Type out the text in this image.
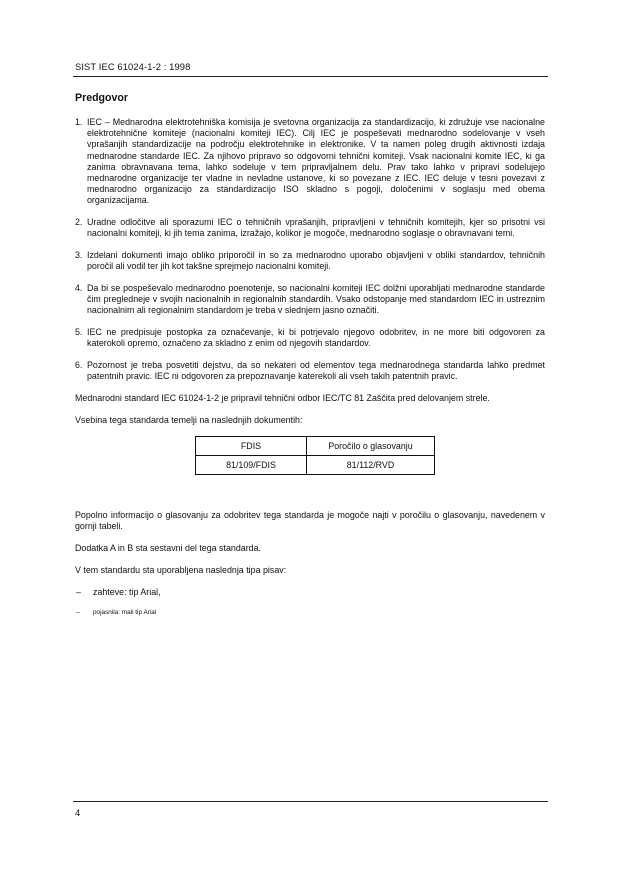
SIST IEC 61024-1-2 : 1998
Predgovor
1. IEC – Mednarodna elektrotehniška komisija je svetovna organizacija za standardizacijo, ki združuje vse nacionalne elektrotehnične komiteje (nacionalni komiteji IEC). Cilj IEC je pospeševati mednarodno sodelovanje v vseh vprašanjih standardizacije na področju elektrotehnike in elektronike. V ta namen poleg drugih aktivnosti izdaja mednarodne standarde IEC. Za njihovo pripravo so odgovorni tehnični komiteji. Vsak nacionalni komite IEC, ki ga zanima obravnavana tema, lahko sodeluje v tem pripravljalnem delu. Prav tako lahko v pripravi sodelujejo mednarodne organizacije ter vladne in nevladne ustanove, ki so povezane z IEC. IEC deluje v tesni povezavi z mednarodno organizacijo za standardizacijo ISO skladno s pogoji, določenimi v soglasju med obema organizacijama.
2. Uradne odločitve ali sporazumi IEC o tehničnih vprašanjih, pripravljeni v tehničnih komitejih, kjer so prisotni vsi nacionalni komiteji, ki jih tema zanima, izražajo, kolikor je mogoče, mednarodno soglasje o obravnavani temi.
3. Izdelani dokumenti imajo obliko priporočil in so za mednarodno uporabo objavljeni v obliki standardov, tehničnih poročil ali vodil ter jih kot takšne sprejmejo nacionalni komiteji.
4. Da bi se pospeševalo mednarodno poenotenje, so nacionalni komiteji IEC dolžni uporabljati mednarodne standarde čim pregledneje v svojih nacionalnih in regionalnih standardih. Vsako odstopanje med standardom IEC in ustreznim nacionalnim ali regionalnim standardom je treba v slednjem jasno označiti.
5. IEC ne predpisuje postopka za označevanje, ki bi potrjevalo njegovo odobritev, in ne more biti odgovoren za katerokoli opremo, označeno za skladno z enim od njegovih standardov.
6. Pozornost je treba posvetiti dejstvu, da so nekateri od elementov tega mednarodnega standarda lahko predmet patentnih pravic. IEC ni odgovoren za prepoznavanje katerekoli ali vseh takih patentnih pravic.

Mednarodni standard IEC 61024-1-2 je pripravil tehnični odbor IEC/TC 81 Zaščita pred delovanjem strele.

Vsebina tega standarda temelji na naslednjih dokumentih:

FDIS	Poročilo o glasovanju
81/109/FDIS	81/112/RVD

Popolno informacijo o glasovanju za odobritev tega standarda je mogoče najti v poročilu o glasovanju, navedenem v gornji tabeli.

Dodatka A in B sta sestavni del tega standarda.

V tem standardu sta uporabljena naslednja tipa pisav:

– zahteve: tip Arial,
– pojasnila: mali tip Arial
4
